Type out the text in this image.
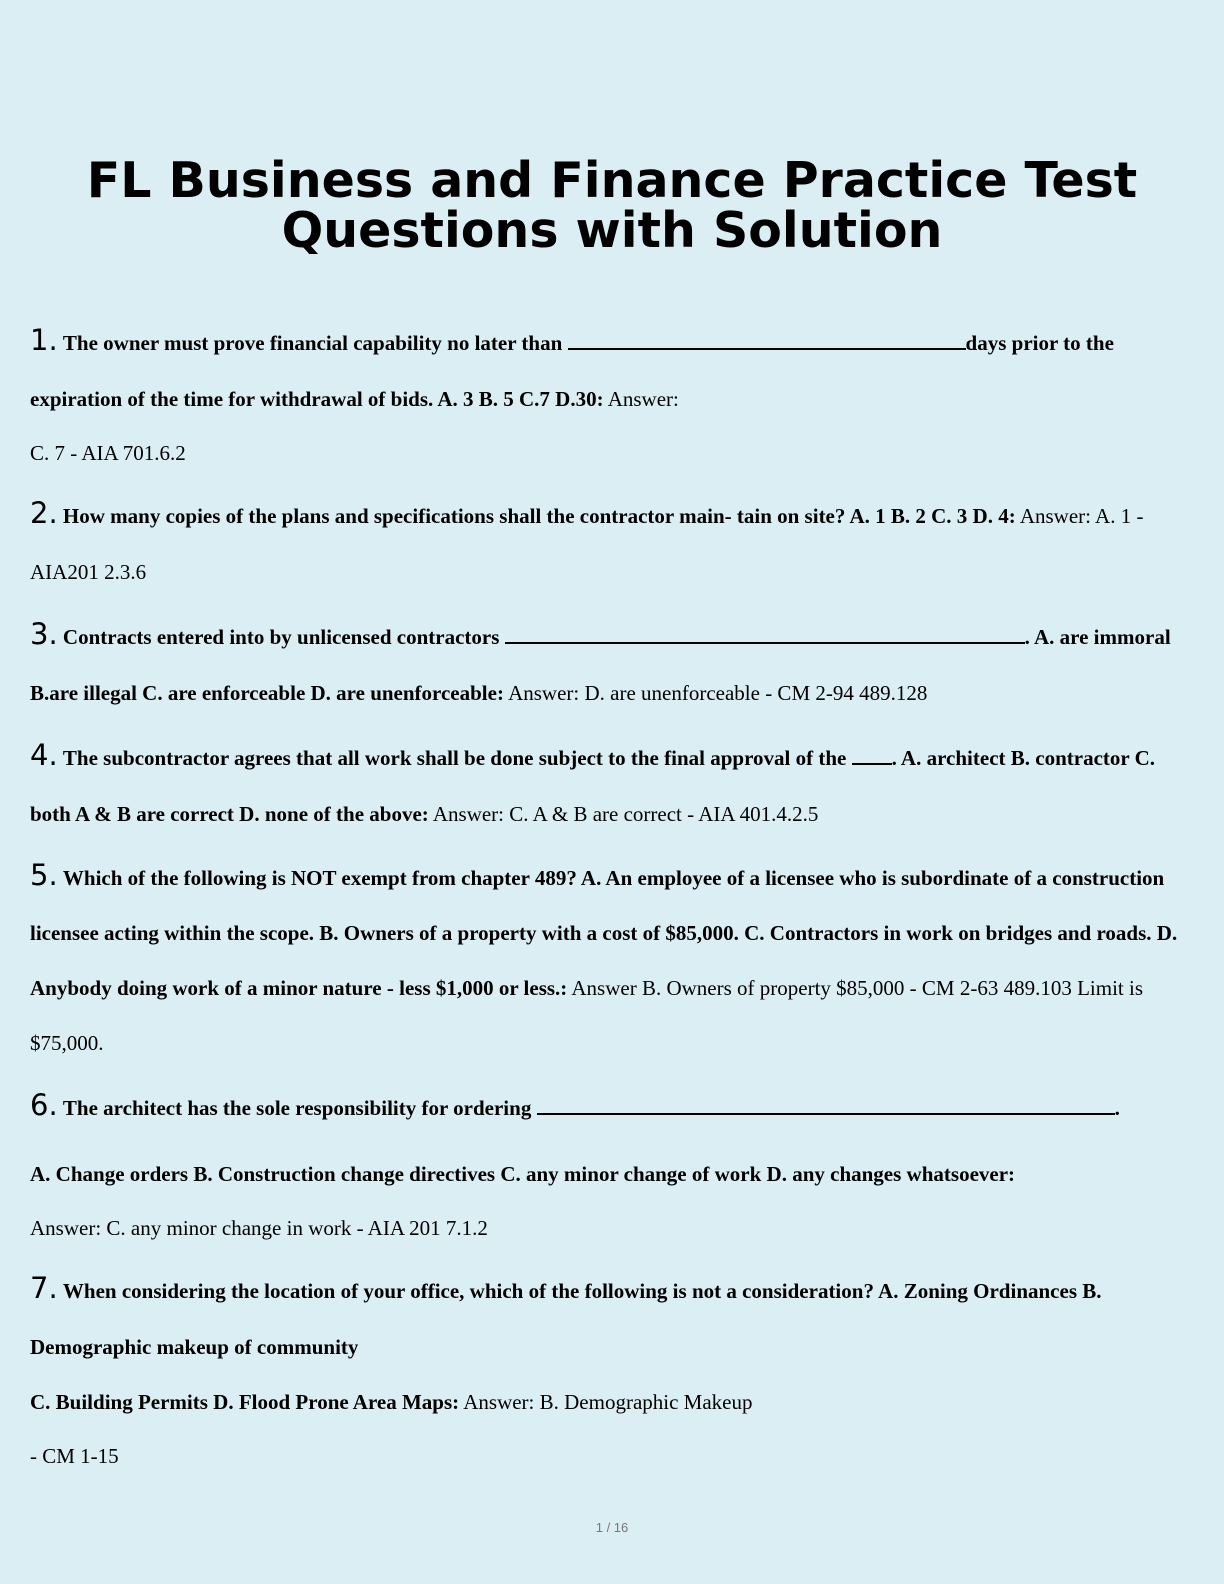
FL Business and Finance Practice Test
Questions with Solution
1. The owner must prove financial capability no later than	days prior to the expiration of the time for withdrawal of bids. A. 3 B. 5 C.7 D.30: Answer:
C. 7 - AIA 701.6.2
2. How many copies of the plans and specifications shall the contractor main- tain on site? A. 1 B. 2 C. 3 D. 4: Answer: A. 1 - AIA201 2.3.6
3. Contracts entered into by unlicensed contractors	. A. are immoral B.are illegal C. are enforceable D. are unenforceable: Answer: D. are unenforceable - CM 2-94 489.128
4. The subcontractor agrees that all work shall be done subject to the final approval of the . A. architect B. contractor C. both A & B are correct D. none of the above: Answer: C. A & B are correct - AIA 401.4.2.5
5. Which of the following is NOT exempt from chapter 489? A. An employee of a licensee who is subordinate of a construction licensee acting within the scope. B. Owners of a property with a cost of $85,000. C. Contractors in work on bridges and roads. D. Anybody doing work of a minor nature - less $1,000 or less.: Answer B. Owners of property $85,000 - CM 2-63 489.103 Limit is $75,000.
6. The architect has the sole responsibility for ordering	.
A. Change orders B. Construction change directives C. any minor change of work D. any changes whatsoever:
Answer: C. any minor change in work - AIA 201 7.1.2
7. When considering the location of your office, which of the following is not a consideration? A. Zoning Ordinances B. Demographic makeup of community
C. Building Permits D. Flood Prone Area Maps: Answer: B. Demographic Makeup
- CM 1-15
1 / 16
